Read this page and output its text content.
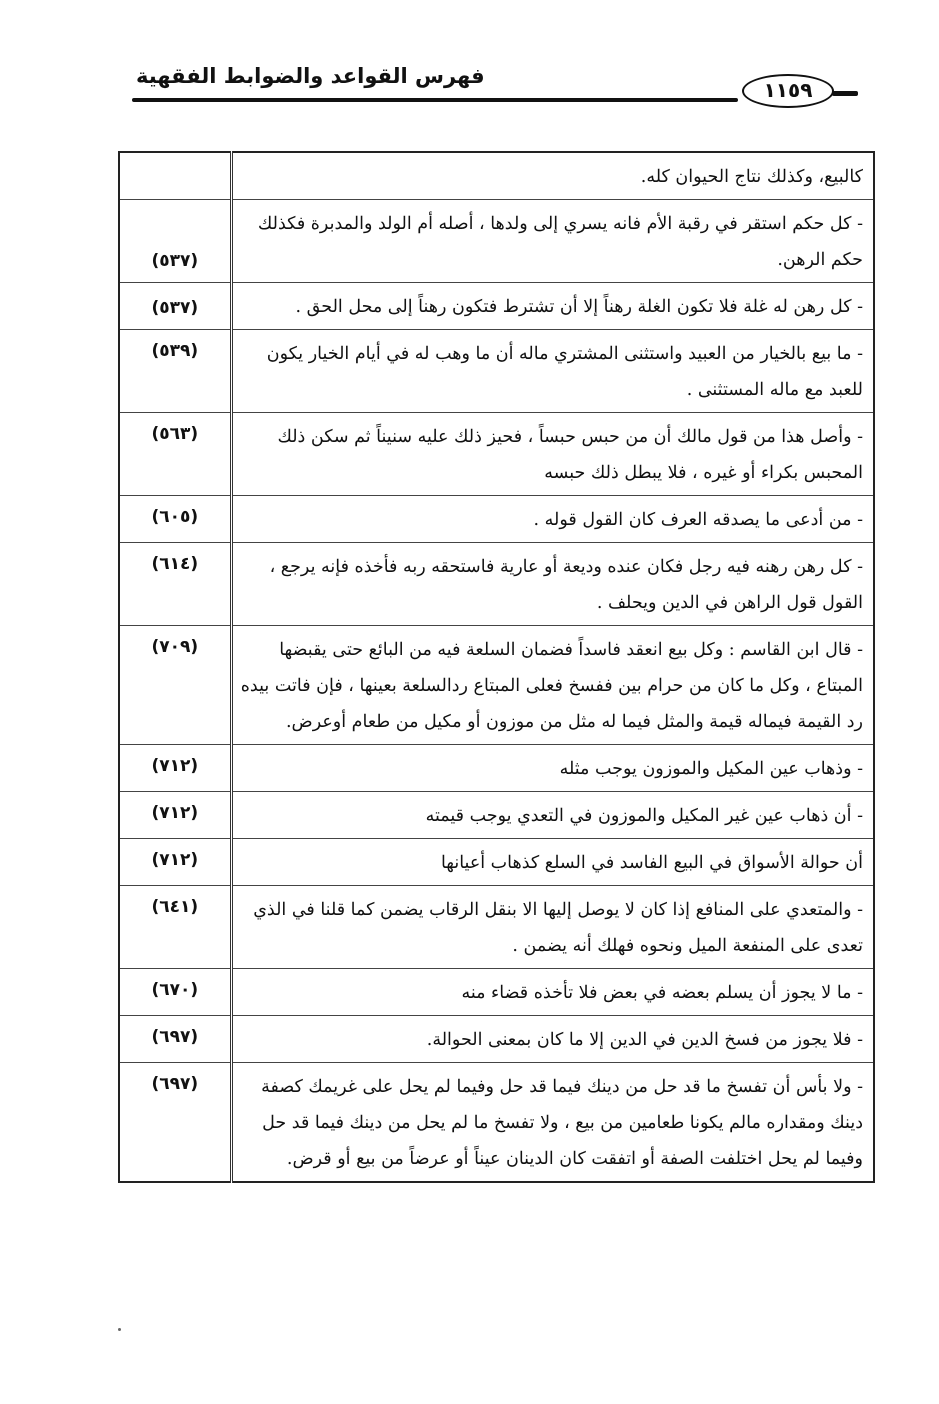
فهرس القواعد والضوابط الفقهية
١١٥٩
كالبيع، وكذلك نتاج الحيوان كله.	
- كل حكم استقر في رقبة الأم فانه يسري إلى ولدها ، أصله أم الولد والمدبرة فكذلك حكم الرهن.	(٥٣٧)
- كل رهن له غلة فلا تكون الغلة رهناً إلا أن تشترط فتكون رهناً إلى محل الحق .	(٥٣٧)
- ما بيع بالخيار من العبيد واستثنى المشتري ماله أن ما وهب له في أيام الخيار يكون للعبد مع ماله المستثنى .	(٥٣٩)
- وأصل هذا من قول مالك أن من حبس حبساً ، فحيز ذلك عليه سنيناً ثم سكن ذلك المحبس بكراء أو غيره ، فلا يبطل ذلك حبسه	(٥٦٣)
- من أدعى ما يصدقه العرف كان القول قوله .	(٦٠٥)
- كل رهن رهنه فيه رجل فكان عنده وديعة أو عارية فاستحقه ربه فأخذه فإنه يرجع ، القول قول الراهن في الدين ويحلف .	(٦١٤)
- قال ابن القاسم : وكل بيع انعقد فاسداً فضمان السلعة فيه من البائع حتى يقبضها المبتاع ، وكل ما كان من حرام بين ففسخ فعلى المبتاع ردالسلعة بعينها ، فإن فاتت بيده رد القيمة فيماله قيمة والمثل فيما له مثل من موزون أو مكيل من طعام أوعرض.	(٧٠٩)
- وذهاب عين المكيل والموزون يوجب مثله	(٧١٢)
- أن ذهاب عين غير المكيل والموزون في التعدي يوجب قيمته	(٧١٢)
أن حوالة الأسواق في البيع الفاسد في السلع كذهاب أعيانها	(٧١٢)
- والمتعدي على المنافع إذا كان لا يوصل إليها الا بنقل الرقاب يضمن كما قلنا في الذي تعدى على المنفعة الميل ونحوه فهلك أنه يضمن .	(٦٤١)
- ما لا يجوز أن يسلم بعضه في بعض فلا تأخذه قضاء منه	(٦٧٠)
- فلا يجوز من فسخ الدين في الدين إلا ما كان بمعنى الحوالة.	(٦٩٧)
- ولا بأس أن تفسخ ما قد حل من دينك فيما قد حل وفيما لم يحل على غريمك كصفة دينك ومقداره مالم يكونا طعامين من بيع ، ولا تفسخ ما لم يحل من دينك فيما قد حل وفيما لم يحل اختلفت الصفة أو اتفقت كان الدينان عيناً أو عرضاً من بيع أو قرض.	(٦٩٧)
